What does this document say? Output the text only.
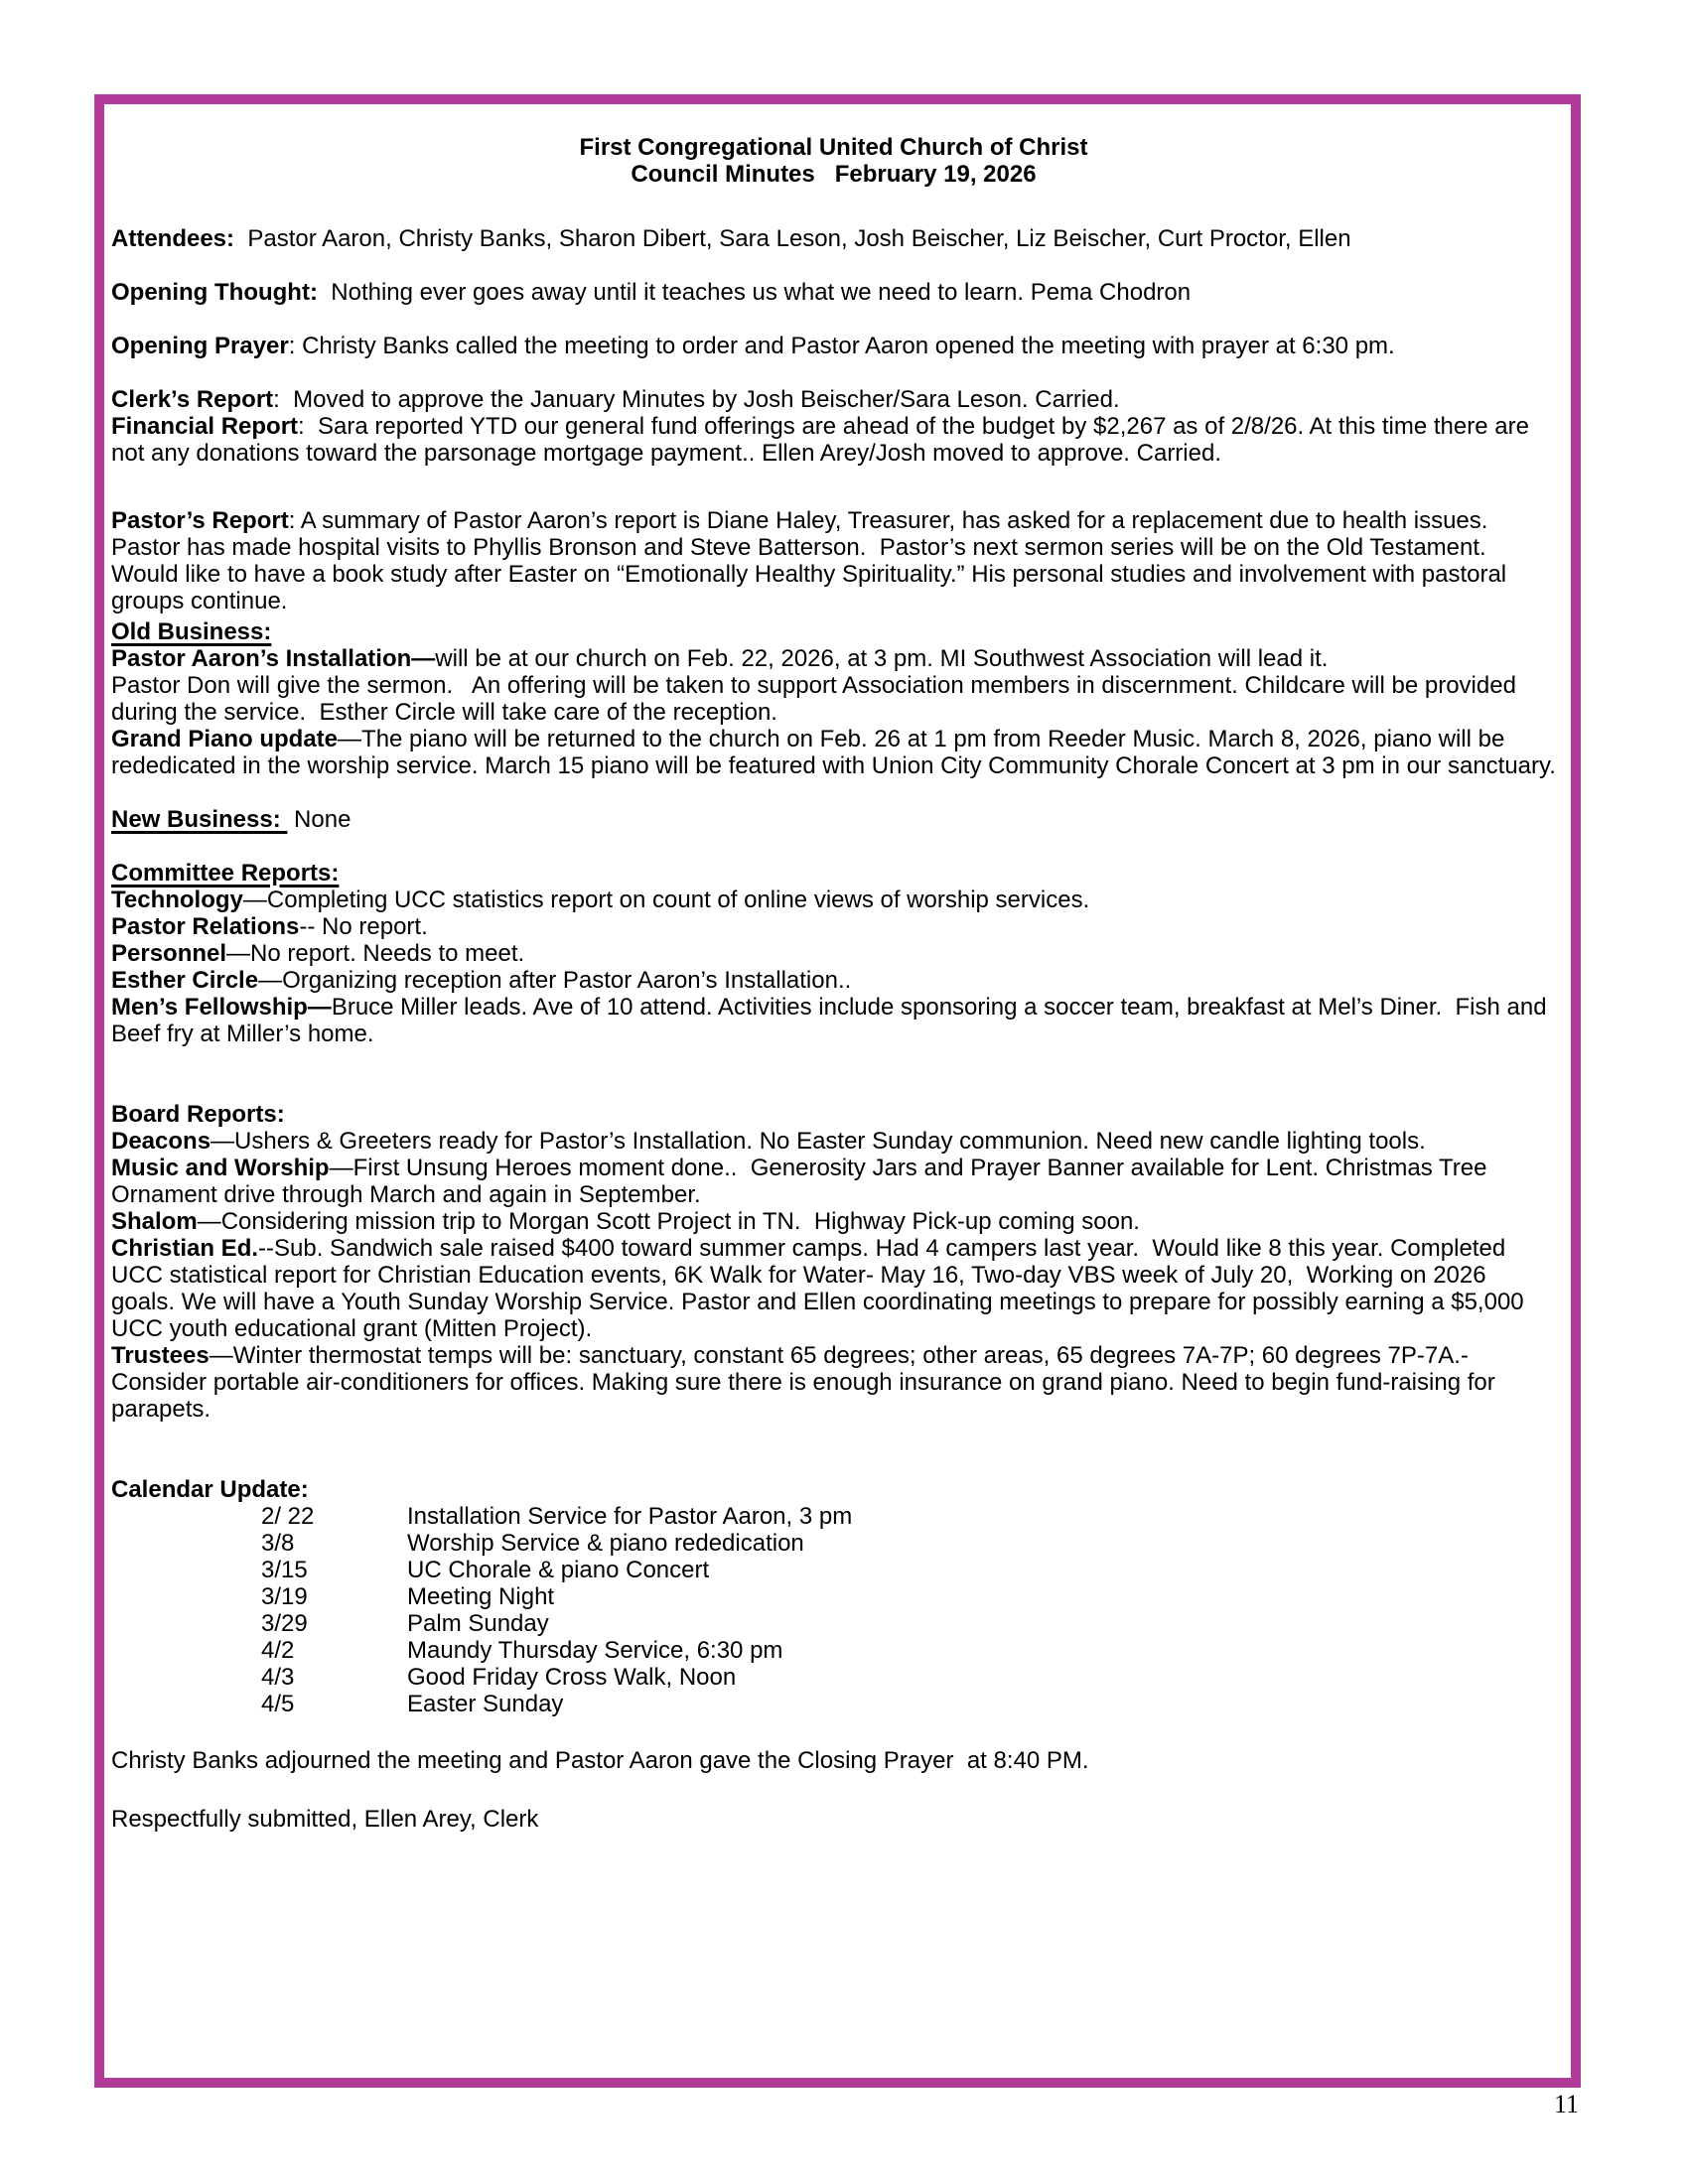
First Congregational United Church of Christ
Council Minutes   February 19, 2026
Attendees:  Pastor Aaron, Christy Banks, Sharon Dibert, Sara Leson, Josh Beischer, Liz Beischer, Curt Proctor, Ellen
Opening Thought:  Nothing ever goes away until it teaches us what we need to learn. Pema Chodron
Opening Prayer: Christy Banks called the meeting to order and Pastor Aaron opened the meeting with prayer at 6:30 pm.
Clerk’s Report:  Moved to approve the January Minutes by Josh Beischer/Sara Leson. Carried.
Financial Report:  Sara reported YTD our general fund offerings are ahead of the budget by $2,267 as of 2/8/26. At this time there are not any donations toward the parsonage mortgage payment.. Ellen Arey/Josh moved to approve. Carried.
Pastor’s Report: A summary of Pastor Aaron’s report is Diane Haley, Treasurer, has asked for a replacement due to health issues. Pastor has made hospital visits to Phyllis Bronson and Steve Batterson.  Pastor’s next sermon series will be on the Old Testament.  Would like to have a book study after Easter on “Emotionally Healthy Spirituality.” His personal studies and involvement with pastoral groups continue.
Old Business:
Pastor Aaron’s Installation—will be at our church on Feb. 22, 2026, at 3 pm. MI Southwest Association will lead it.
Pastor Don will give the sermon.   An offering will be taken to support Association members in discernment. Childcare will be provided during the service.  Esther Circle will take care of the reception.
Grand Piano update—The piano will be returned to the church on Feb. 26 at 1 pm from Reeder Music. March 8, 2026, piano will be rededicated in the worship service. March 15 piano will be featured with Union City Community Chorale Concert at 3 pm in our sanctuary.
New Business:  None
Committee Reports:
Technology—Completing UCC statistics report on count of online views of worship services.
Pastor Relations-- No report.
Personnel—No report. Needs to meet.
Esther Circle—Organizing reception after Pastor Aaron’s Installation..
Men’s Fellowship—Bruce Miller leads. Ave of 10 attend. Activities include sponsoring a soccer team, breakfast at Mel’s Diner.  Fish and Beef fry at Miller’s home.
Board Reports:
Deacons—Ushers & Greeters ready for Pastor’s Installation. No Easter Sunday communion. Need new candle lighting tools.
Music and Worship—First Unsung Heroes moment done..  Generosity Jars and Prayer Banner available for Lent. Christmas Tree Ornament drive through March and again in September.
Shalom—Considering mission trip to Morgan Scott Project in TN.  Highway Pick-up coming soon.
Christian Ed.--Sub. Sandwich sale raised $400 toward summer camps. Had 4 campers last year.  Would like 8 this year. Completed UCC statistical report for Christian Education events, 6K Walk for Water- May 16, Two-day VBS week of July 20,  Working on 2026 goals. We will have a Youth Sunday Worship Service. Pastor and Ellen coordinating meetings to prepare for possibly earning a $5,000 UCC youth educational grant (Mitten Project).
Trustees—Winter thermostat temps will be: sanctuary, constant 65 degrees; other areas, 65 degrees 7A-7P; 60 degrees 7P-7A.- Consider portable air-conditioners for offices. Making sure there is enough insurance on grand piano. Need to begin fund-raising for parapets.
Calendar Update:
2/ 22	Installation Service for Pastor Aaron, 3 pm
3/8	Worship Service & piano rededication
3/15	UC Chorale & piano Concert
3/19	Meeting Night
3/29	Palm Sunday
4/2	Maundy Thursday Service, 6:30 pm
4/3	Good Friday Cross Walk, Noon
4/5	Easter Sunday
Christy Banks adjourned the meeting and Pastor Aaron gave the Closing Prayer  at 8:40 PM.
Respectfully submitted, Ellen Arey, Clerk
11
